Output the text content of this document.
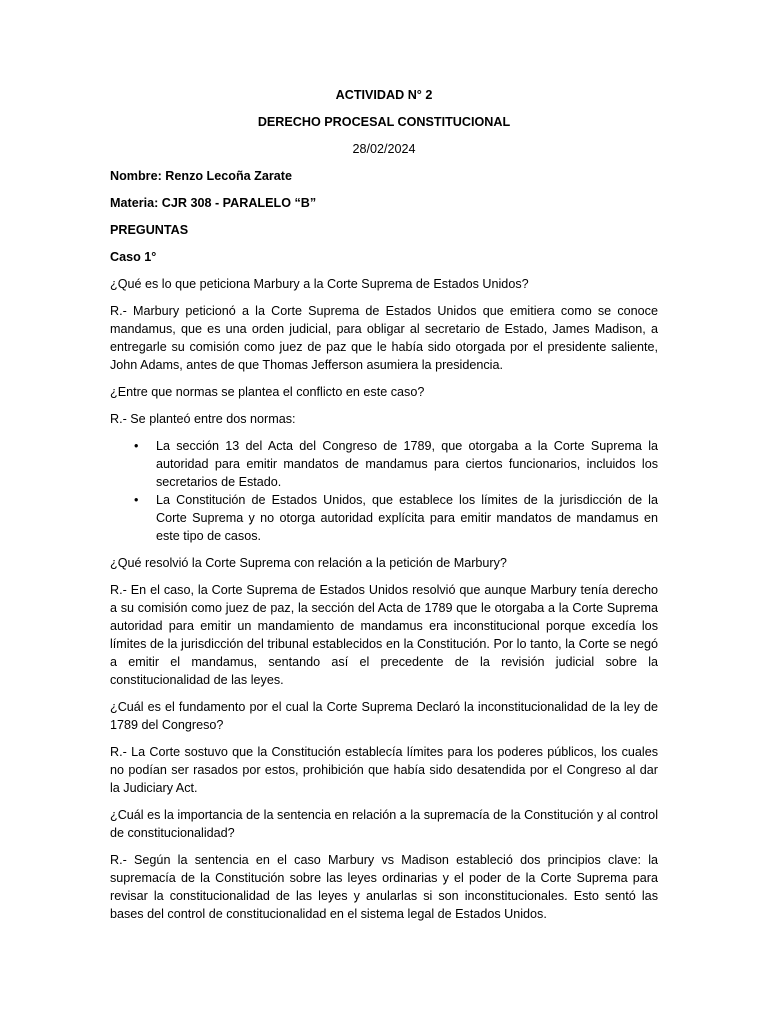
ACTIVIDAD N° 2

DERECHO PROCESAL CONSTITUCIONAL

28/02/2024

Nombre: Renzo Lecoña Zarate

Materia: CJR 308 - PARALELO “B”

PREGUNTAS

Caso 1°

¿Qué es lo que peticiona Marbury a la Corte Suprema de Estados Unidos?

R.- Marbury peticionó a la Corte Suprema de Estados Unidos que emitiera como se conoce mandamus, que es una orden judicial, para obligar al secretario de Estado, James Madison, a entregarle su comisión como juez de paz que le había sido otorgada por el presidente saliente, John Adams, antes de que Thomas Jefferson asumiera la presidencia.

¿Entre que normas se plantea el conflicto en este caso?

R.- Se planteó entre dos normas:

• La sección 13 del Acta del Congreso de 1789, que otorgaba a la Corte Suprema la autoridad para emitir mandatos de mandamus para ciertos funcionarios, incluidos los secretarios de Estado.
• La Constitución de Estados Unidos, que establece los límites de la jurisdicción de la Corte Suprema y no otorga autoridad explícita para emitir mandatos de mandamus en este tipo de casos.

¿Qué resolvió la Corte Suprema con relación a la petición de Marbury?

R.- En el caso, la Corte Suprema de Estados Unidos resolvió que aunque Marbury tenía derecho a su comisión como juez de paz, la sección del Acta de 1789 que le otorgaba a la Corte Suprema autoridad para emitir un mandamiento de mandamus era inconstitucional porque excedía los límites de la jurisdicción del tribunal establecidos en la Constitución. Por lo tanto, la Corte se negó a emitir el mandamus, sentando así el precedente de la revisión judicial sobre la constitucionalidad de las leyes.

¿Cuál es el fundamento por el cual la Corte Suprema Declaró la inconstitucionalidad de la ley de 1789 del Congreso?

R.- La Corte sostuvo que la Constitución establecía límites para los poderes públicos, los cuales no podían ser rasados por estos, prohibición que había sido desatendida por el Congreso al dar la Judiciary Act.

¿Cuál es la importancia de la sentencia en relación a la supremacía de la Constitución y al control de constitucionalidad?

R.- Según la sentencia en el caso Marbury vs Madison estableció dos principios clave: la supremacía de la Constitución sobre las leyes ordinarias y el poder de la Corte Suprema para revisar la constitucionalidad de las leyes y anularlas si son inconstitucionales. Esto sentó las bases del control de constitucionalidad en el sistema legal de Estados Unidos.
